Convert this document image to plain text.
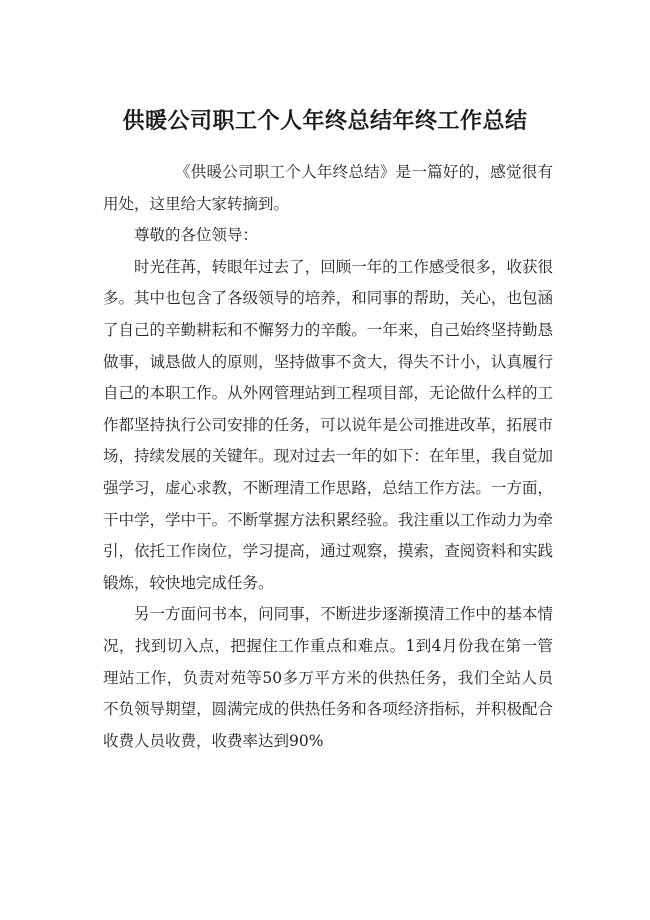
供暖公司职工个人年终总结年终工作总结

《供暖公司职工个人年终总结》是一篇好的，感觉很有用处，这里给大家转摘到。

尊敬的各位领导：

时光荏苒，转眼年过去了，回顾一年的工作感受很多，收获很多。其中也包含了各级领导的培养，和同事的帮助，关心，也包涵了自己的辛勤耕耘和不懈努力的辛酸。一年来，自己始终坚持勤恳做事，诚恳做人的原则，坚持做事不贪大，得失不计小，认真履行自己的本职工作。从外网管理站到工程项目部，无论做什么样的工作都坚持执行公司安排的任务，可以说年是公司推进改革，拓展市场，持续发展的关键年。现对过去一年的如下：在年里，我自觉加强学习，虚心求教，不断理清工作思路，总结工作方法。一方面，干中学，学中干。不断掌握方法积累经验。我注重以工作动力为牵引，依托工作岗位，学习提高，通过观察，摸索，查阅资料和实践锻炼，较快地完成任务。

另一方面问书本，问同事，不断进步逐渐摸清工作中的基本情况，找到切入点，把握住工作重点和难点。1到4月份我在第一管理站工作，负责对苑等50多万平方米的供热任务，我们全站人员不负领导期望，圆满完成的供热任务和各项经济指标，并积极配合收费人员收费，收费率达到90%
